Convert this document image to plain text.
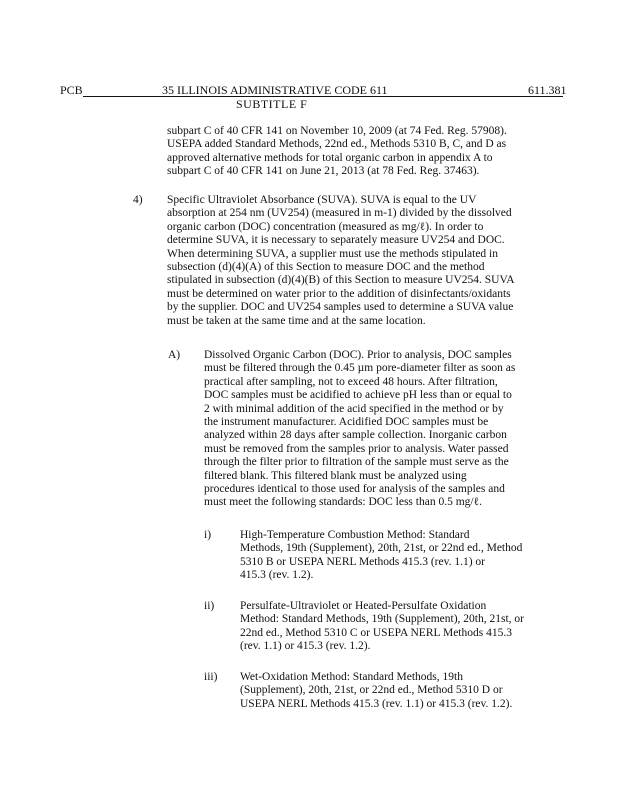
PCB	35 ILLINOIS ADMINISTRATIVE CODE 611	611.381
SUBTITLE F
subpart C of 40 CFR 141 on November 10, 2009 (at 74 Fed. Reg. 57908).
USEPA added Standard Methods, 22nd ed., Methods 5310 B, C, and D as
approved alternative methods for total organic carbon in appendix A to
subpart C of 40 CFR 141 on June 21, 2013 (at 78 Fed. Reg. 37463).
4) Specific Ultraviolet Absorbance (SUVA). SUVA is equal to the UV
absorption at 254 nm (UV254) (measured in m-1) divided by the dissolved
organic carbon (DOC) concentration (measured as mg/ℓ). In order to
determine SUVA, it is necessary to separately measure UV254 and DOC.
When determining SUVA, a supplier must use the methods stipulated in
subsection (d)(4)(A) of this Section to measure DOC and the method
stipulated in subsection (d)(4)(B) of this Section to measure UV254. SUVA
must be determined on water prior to the addition of disinfectants/oxidants
by the supplier. DOC and UV254 samples used to determine a SUVA value
must be taken at the same time and at the same location.
A) Dissolved Organic Carbon (DOC). Prior to analysis, DOC samples
must be filtered through the 0.45 µm pore-diameter filter as soon as
practical after sampling, not to exceed 48 hours. After filtration,
DOC samples must be acidified to achieve pH less than or equal to
2 with minimal addition of the acid specified in the method or by
the instrument manufacturer. Acidified DOC samples must be
analyzed within 28 days after sample collection. Inorganic carbon
must be removed from the samples prior to analysis. Water passed
through the filter prior to filtration of the sample must serve as the
filtered blank. This filtered blank must be analyzed using
procedures identical to those used for analysis of the samples and
must meet the following standards: DOC less than 0.5 mg/ℓ.
i)	High-Temperature Combustion Method: Standard
Methods, 19th (Supplement), 20th, 21st, or 22nd ed., Method
5310 B or USEPA NERL Methods 415.3 (rev. 1.1) or
415.3 (rev. 1.2).
ii) Persulfate-Ultraviolet or Heated-Persulfate Oxidation
Method: Standard Methods, 19th (Supplement), 20th, 21st, or
22nd ed., Method 5310 C or USEPA NERL Methods 415.3
(rev. 1.1) or 415.3 (rev. 1.2).
iii) Wet-Oxidation Method: Standard Methods, 19th
(Supplement), 20th, 21st, or 22nd ed., Method 5310 D or
USEPA NERL Methods 415.3 (rev. 1.1) or 415.3 (rev. 1.2).
